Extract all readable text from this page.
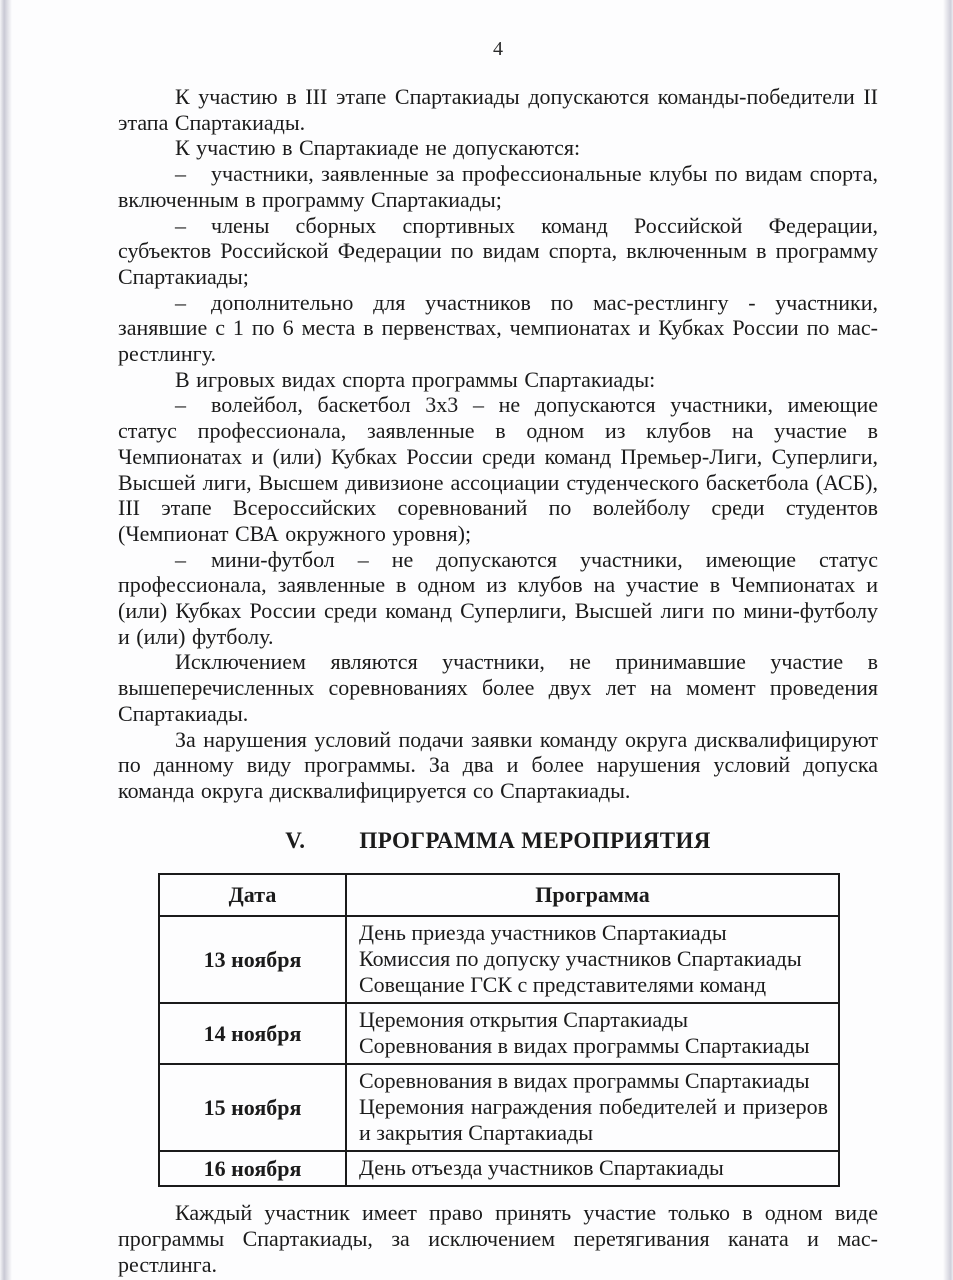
4

К участию в III этапе Спартакиады допускаются команды-победители II этапа Спартакиады.

К участию в Спартакиаде не допускаются:

– участники, заявленные за профессиональные клубы по видам спорта, включенным в программу Спартакиады;

– члены сборных спортивных команд Российской Федерации, субъектов Российской Федерации по видам спорта, включенным в программу Спартакиады;

– дополнительно для участников по мас-рестлингу - участники, занявшие с 1 по 6 места в первенствах, чемпионатах и Кубках России по мас-рестлингу.

В игровых видах спорта программы Спартакиады:

– волейбол, баскетбол 3х3 – не допускаются участники, имеющие статус профессионала, заявленные в одном из клубов на участие в Чемпионатах и (или) Кубках России среди команд Премьер-Лиги, Суперлиги, Высшей лиги, Высшем дивизионе ассоциации студенческого баскетбола (АСБ), III этапе Всероссийских соревнований по волейболу среди студентов (Чемпионат СВА окружного уровня);

– мини-футбол – не допускаются участники, имеющие статус профессионала, заявленные в одном из клубов на участие в Чемпионатах и (или) Кубках России среди команд Суперлиги, Высшей лиги по мини-футболу и (или) футболу.

Исключением являются участники, не принимавшие участие в вышеперечисленных соревнованиях более двух лет на момент проведения Спартакиады.

За нарушения условий подачи заявки команду округа дисквалифицируют по данному виду программы. За два и более нарушения условий допуска команда округа дисквалифицируется со Спартакиады.

V. ПРОГРАММА МЕРОПРИЯТИЯ
Дата	Программа
13 ноября	День приезда участников Спартакиады
Комиссия по допуску участников Спартакиады
Совещание ГСК с представителями команд

14 ноября	Церемония открытия Спартакиады
Соревнования в видах программы Спартакиады

15 ноября	Соревнования в видах программы Спартакиады
Церемония награждения победителей и призеров и закрытия Спартакиады

16 ноября	День отъезда участников Спартакиады

Каждый участник имеет право принять участие только в одном виде программы Спартакиады, за исключением перетягивания каната и мас-рестлинга.
